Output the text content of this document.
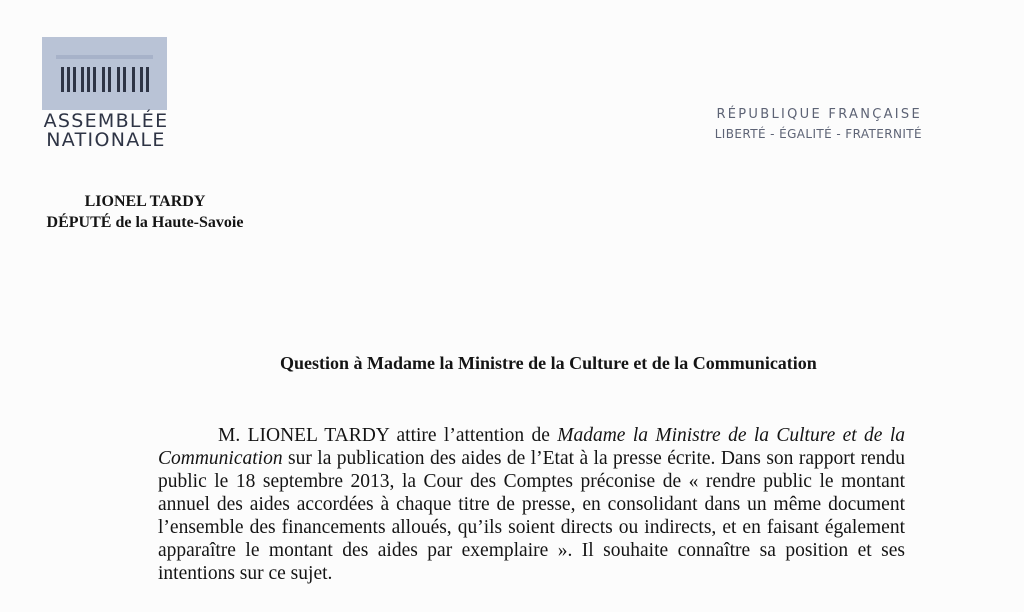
ASSEMBLÉE
NATIONALE
RÉPUBLIQUE FRANÇAISE
LIBERTÉ - ÉGALITÉ - FRATERNITÉ
LIONEL TARDY
DÉPUTÉ de la Haute-Savoie
Question à Madame la Ministre de la Culture et de la Communication

M. LIONEL TARDY attire l’attention de Madame la Ministre de la Culture et de la Communication sur la publication des aides de l’Etat à la presse écrite. Dans son rapport rendu public le 18 septembre 2013, la Cour des Comptes préconise de « rendre public le montant annuel des aides accordées à chaque titre de presse, en consolidant dans un même document l’ensemble des financements alloués, qu’ils soient directs ou indirects, et en faisant également apparaître le montant des aides par exemplaire ». Il souhaite connaître sa position et ses intentions sur ce sujet.
